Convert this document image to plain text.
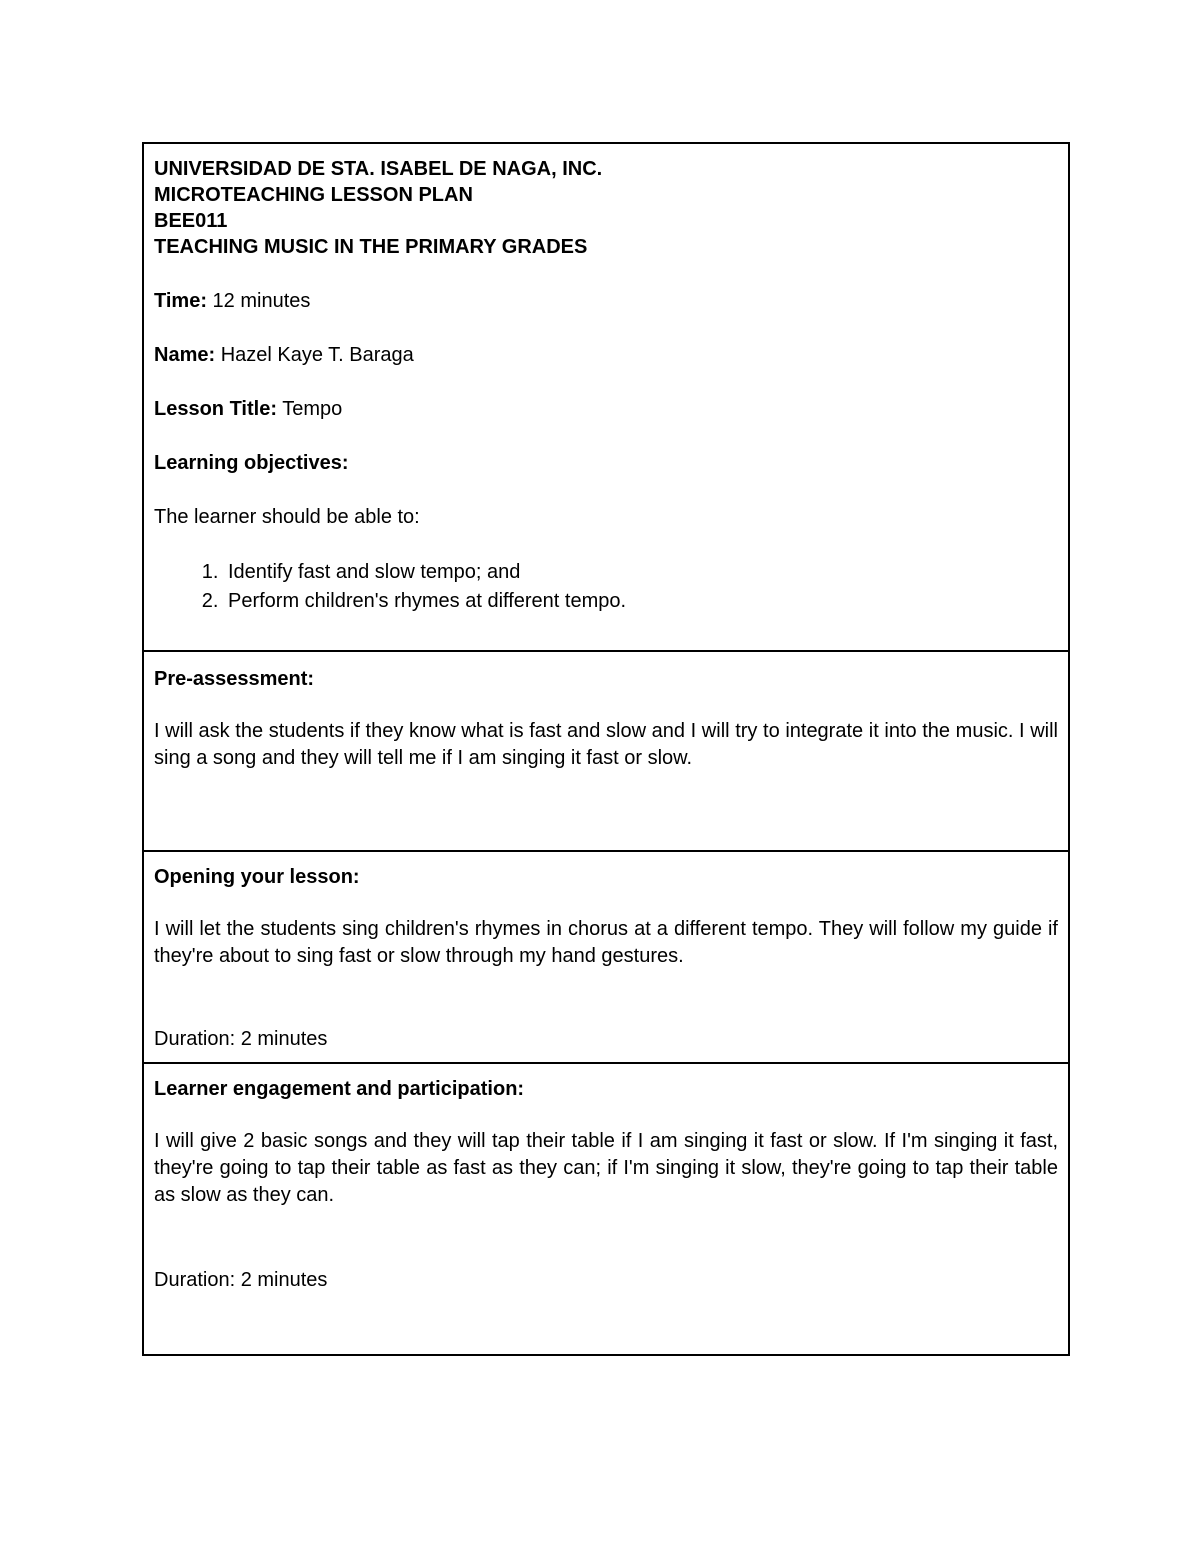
UNIVERSIDAD DE STA. ISABEL DE NAGA, INC.

MICROTEACHING LESSON PLAN

BEE011

TEACHING MUSIC IN THE PRIMARY GRADES

Time: 12 minutes

Name: Hazel Kaye T. Baraga

Lesson Title: Tempo

Learning objectives:

The learner should be able to:

1. Identify fast and slow tempo; and
2. Perform children's rhymes at different tempo.

Pre-assessment:

I will ask the students if they know what is fast and slow and I will try to integrate it into the music. I will sing a song and they will tell me if I am singing it fast or slow.

Opening your lesson:

I will let the students sing children's rhymes in chorus at a different tempo. They will follow my guide if they're about to sing fast or slow through my hand gestures.

Duration: 2 minutes

Learner engagement and participation:

I will give 2 basic songs and they will tap their table if I am singing it fast or slow. If I'm singing it fast, they're going to tap their table as fast as they can; if I'm singing it slow, they're going to tap their table as slow as they can.

Duration: 2 minutes
